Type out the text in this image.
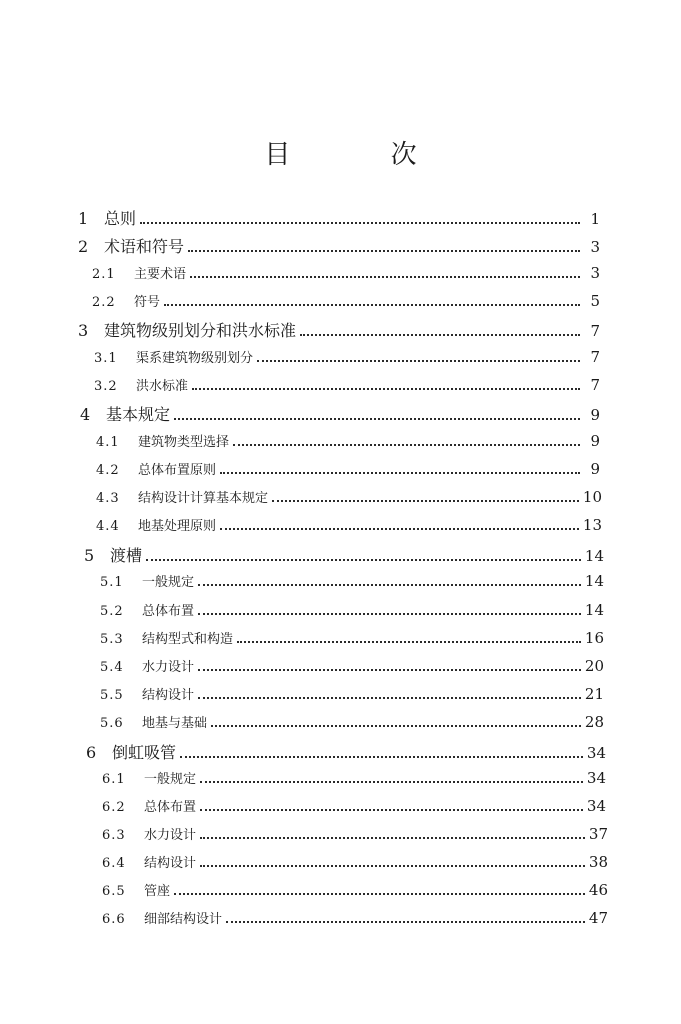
目 次
1 总则	1
2 术语和符号	3
2.1	主要术语	3
2.2	符号	5
3 建筑物级别划分和洪水标准	7
3.1	渠系建筑物级别划分	7
3.2	洪水标准	7
4 基本规定	9
4.1	建筑物类型选择	9
4.2	总体布置原则	9
4.3	结构设计计算基本规定	10
4.4	地基处理原则	13
5 渡槽	14
5.1	一般规定	14
5.2	总体布置	14
5.3	结构型式和构造	16
5.4	水力设计	20
5.5	结构设计	21
5.6	地基与基础	28
6 倒虹吸管	34
6.1	一般规定	34
6.2	总体布置	34
6.3	水力设计	37
6.4	结构设计	38
6.5	管座	46
6.6	细部结构设计	47
